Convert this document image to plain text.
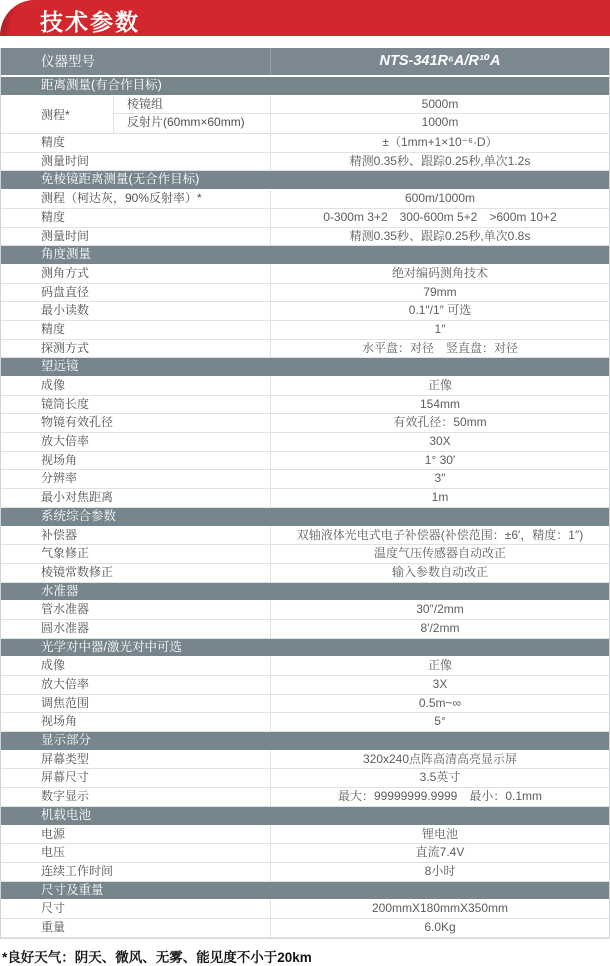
技术参数
仪器型号	NTS-341R⁶A/R¹⁰A
距离测量(有合作目标)
测程*
棱镜组	5000m
反射片(60mm×60mm)	1000m
精度	±（1mm+1×10⁻⁶·D）
测量时间	精测0.35秒、跟踪0.25秒,单次1.2s
免棱镜距离测量(无合作目标)
测程（柯达灰，90%反射率）*	600m/1000m
精度	0-300m 3+2　300-600m 5+2　>600m 10+2
测量时间	精测0.35秒、跟踪0.25秒,单次0.8s
角度测量
测角方式	绝对编码测角技术
码盘直径	79mm
最小读数	0.1″/1″ 可选
精度	1″
探测方式	水平盘：对径　竖直盘：对径
望远镜
成像	正像
镜筒长度	154mm
物镜有效孔径	有效孔径：50mm
放大倍率	30X
视场角	1° 30′
分辨率	3″
最小对焦距离	1m
系统综合参数
补偿器	双轴液体光电式电子补偿器(补偿范围：±6′，精度：1″)
气象修正	温度气压传感器自动改正
棱镜常数修正	输入参数自动改正
水准器
管水准器	30″/2mm
圆水准器	8′/2mm
光学对中器/激光对中可选
成像	正像
放大倍率	3X
调焦范围	0.5m~∞
视场角	5°
显示部分
屏幕类型	320x240点阵高清高亮显示屏
屏幕尺寸	3.5英寸
数字显示	最大：99999999.9999　最小：0.1mm
机载电池
电源	锂电池
电压	直流7.4V
连续工作时间	8小时
尺寸及重量
尺寸	200mmX180mmX350mm
重量	6.0Kg
*良好天气：阴天、微风、无雾、能见度不小于20km
